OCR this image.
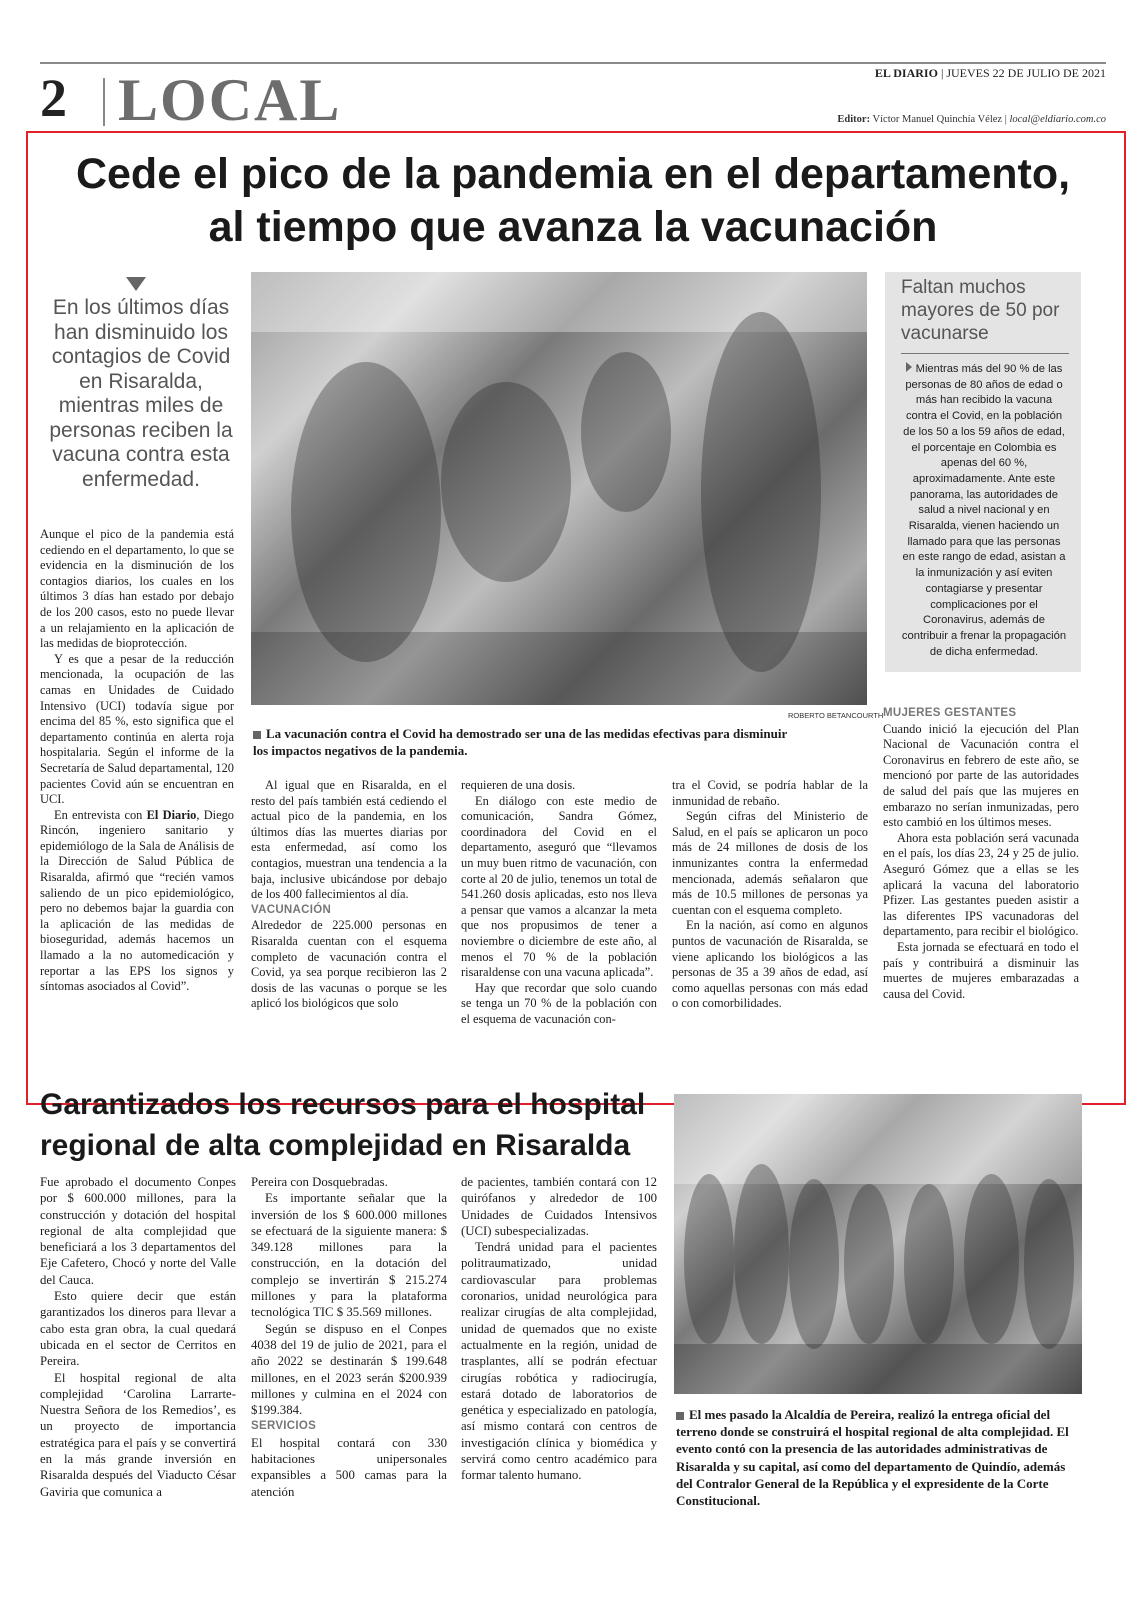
2 LOCAL	EL DIARIO | JUEVES 22 DE JULIO DE 2021
Editor: Víctor Manuel Quinchía Vélez | local@eldiario.com.co
Cede el pico de la pandemia en el departamento,
al tiempo que avanza la vacunación
En los últimos días han disminuido los contagios de Covid en Risaralda, mientras miles de personas reciben la vacuna contra esta enfermedad.
ROBERTO BETANCOURTH
La vacunación contra el Covid ha demostrado ser una de las medidas efectivas para disminuir los impactos negativos de la pandemia.

Aunque el pico de la pandemia está cediendo en el departamento, lo que se evidencia en la disminución de los contagios diarios, los cuales en los últimos 3 días han estado por debajo de los 200 casos, esto no puede llevar a un relajamiento en la aplicación de las medidas de bioprotección.

Y es que a pesar de la reducción mencionada, la ocupación de las camas en Unidades de Cuidado Intensivo (UCI) todavía sigue por encima del 85 %, esto significa que el departamento continúa en alerta roja hospitalaria. Según el informe de la Secretaría de Salud departamental, 120 pacientes Covid aún se encuentran en UCI.

En entrevista con El Diario, Diego Rincón, ingeniero sanitario y epidemiólogo de la Sala de Análisis de la Dirección de Salud Pública de Risaralda, afirmó que “recién vamos saliendo de un pico epidemiológico, pero no debemos bajar la guardia con la aplicación de las medidas de bioseguridad, además hacemos un llamado a la no automedicación y reportar a las EPS los signos y síntomas asociados al Covid”.

Al igual que en Risaralda, en el resto del país también está cediendo el actual pico de la pandemia, en los últimos días las muertes diarias por esta enfermedad, así como los contagios, muestran una tendencia a la baja, inclusive ubicándose por debajo de los 400 fallecimientos al día.

VACUNACIÓN

Alrededor de 225.000 personas en Risaralda cuentan con el esquema completo de vacunación contra el Covid, ya sea porque recibieron las 2 dosis de las vacunas o porque se les aplicó los biológicos que solo

requieren de una dosis.

En diálogo con este medio de comunicación, Sandra Gómez, coordinadora del Covid en el departamento, aseguró que “llevamos un muy buen ritmo de vacunación, con corte al 20 de julio, tenemos un total de 541.260 dosis aplicadas, esto nos lleva a pensar que vamos a alcanzar la meta que nos propusimos de tener a noviembre o diciembre de este año, al menos el 70 % de la población risaraldense con una vacuna aplicada”.

Hay que recordar que solo cuando se tenga un 70 % de la población con el esquema de vacunación con-

tra el Covid, se podría hablar de la inmunidad de rebaño.

Según cifras del Ministerio de Salud, en el país se aplicaron un poco más de 24 millones de dosis de los inmunizantes contra la enfermedad mencionada, además señalaron que más de 10.5 millones de personas ya cuentan con el esquema completo.

En la nación, así como en algunos puntos de vacunación de Risaralda, se viene aplicando los biológicos a las personas de 35 a 39 años de edad, así como aquellas personas con más edad o con comorbilidades.

Faltan muchos mayores de 50 por vacunarse
Mientras más del 90 % de las personas de 80 años de edad o más han recibido la vacuna contra el Covid, en la población de los 50 a los 59 años de edad, el porcentaje en Colombia es apenas del 60 %, aproximadamente. Ante este panorama, las autoridades de salud a nivel nacional y en Risaralda, vienen haciendo un llamado para que las personas en este rango de edad, asistan a la inmunización y así eviten contagiarse y presentar complicaciones por el Coronavirus, además de contribuir a frenar la propagación de dicha enfermedad.

MUJERES GESTANTES

Cuando inició la ejecución del Plan Nacional de Vacunación contra el Coronavirus en febrero de este año, se mencionó por parte de las autoridades de salud del país que las mujeres en embarazo no serían inmunizadas, pero esto cambió en los últimos meses.

Ahora esta población será vacunada en el país, los días 23, 24 y 25 de julio. Aseguró Gómez que a ellas se les aplicará la vacuna del laboratorio Pfizer. Las gestantes pueden asistir a las diferentes IPS vacunadoras del departamento, para recibir el biológico.

Esta jornada se efectuará en todo el país y contribuirá a disminuir las muertes de mujeres embarazadas a causa del Covid.

Garantizados los recursos para el hospital
regional de alta complejidad en Risaralda

Fue aprobado el documento Conpes por $ 600.000 millones, para la construcción y dotación del hospital regional de alta complejidad que beneficiará a los 3 departamentos del Eje Cafetero, Chocó y norte del Valle del Cauca.

Esto quiere decir que están garantizados los dineros para llevar a cabo esta gran obra, la cual quedará ubicada en el sector de Cerritos en Pereira.

El hospital regional de alta complejidad ‘Carolina Larrarte-Nuestra Señora de los Remedios’, es un proyecto de importancia estratégica para el país y se convertirá en la más grande inversión en Risaralda después del Viaducto César Gaviria que comunica a

Pereira con Dosquebradas.

Es importante señalar que la inversión de los $ 600.000 millones se efectuará de la siguiente manera: $ 349.128 millones para la construcción, en la dotación del complejo se invertirán $ 215.274 millones y para la plataforma tecnológica TIC $ 35.569 millones.

Según se dispuso en el Conpes 4038 del 19 de julio de 2021, para el año 2022 se destinarán $ 199.648 millones, en el 2023 serán $200.939 millones y culmina en el 2024 con $199.384.

SERVICIOS

El hospital contará con 330 habitaciones unipersonales expansibles a 500 camas para la atención

de pacientes, también contará con 12 quirófanos y alrededor de 100 Unidades de Cuidados Intensivos (UCI) subespecializadas.

Tendrá unidad para el pacientes politraumatizado, unidad cardiovascular para problemas coronarios, unidad neurológica para realizar cirugías de alta complejidad, unidad de quemados que no existe actualmente en la región, unidad de trasplantes, allí se podrán efectuar cirugías robótica y radiocirugía, estará dotado de laboratorios de genética y especializado en patología, así mismo contará con centros de investigación clínica y biomédica y servirá como centro académico para formar talento humano.

El mes pasado la Alcaldía de Pereira, realizó la entrega oficial del terreno donde se construirá el hospital regional de alta complejidad. El evento contó con la presencia de las autoridades administrativas de Risaralda y su capital, así como del departamento de Quindío, además del Contralor General de la República y el expresidente de la Corte Constitucional.
